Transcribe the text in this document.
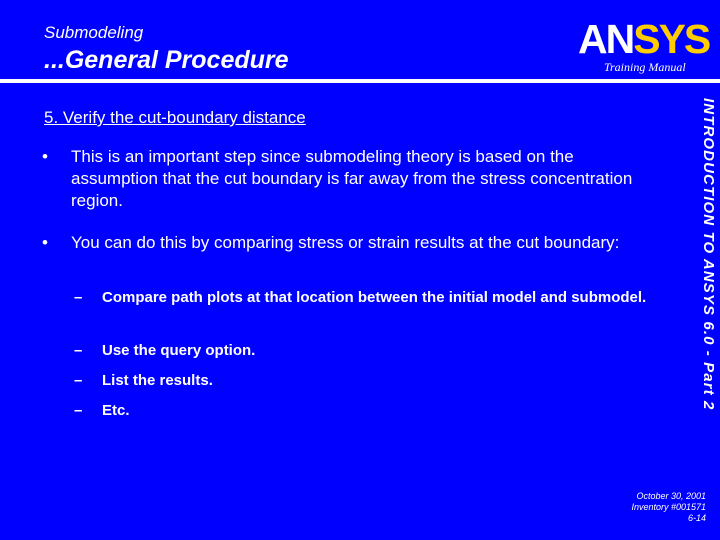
Submodeling
...General Procedure	ANSYS
Training Manual
INTRODUCTION TO ANSYS 6.0 - Part 2
5. Verify the cut-boundary distance
• This is an important step since submodeling theory is based on the assumption that the cut boundary is far away from the stress concentration region.
• You can do this by comparing stress or strain results at the cut boundary:
– Compare path plots at that location between the initial model and submodel.
– Use the query option.
– List the results.
– Etc.
October 30, 2001
Inventory #001571
6-14
